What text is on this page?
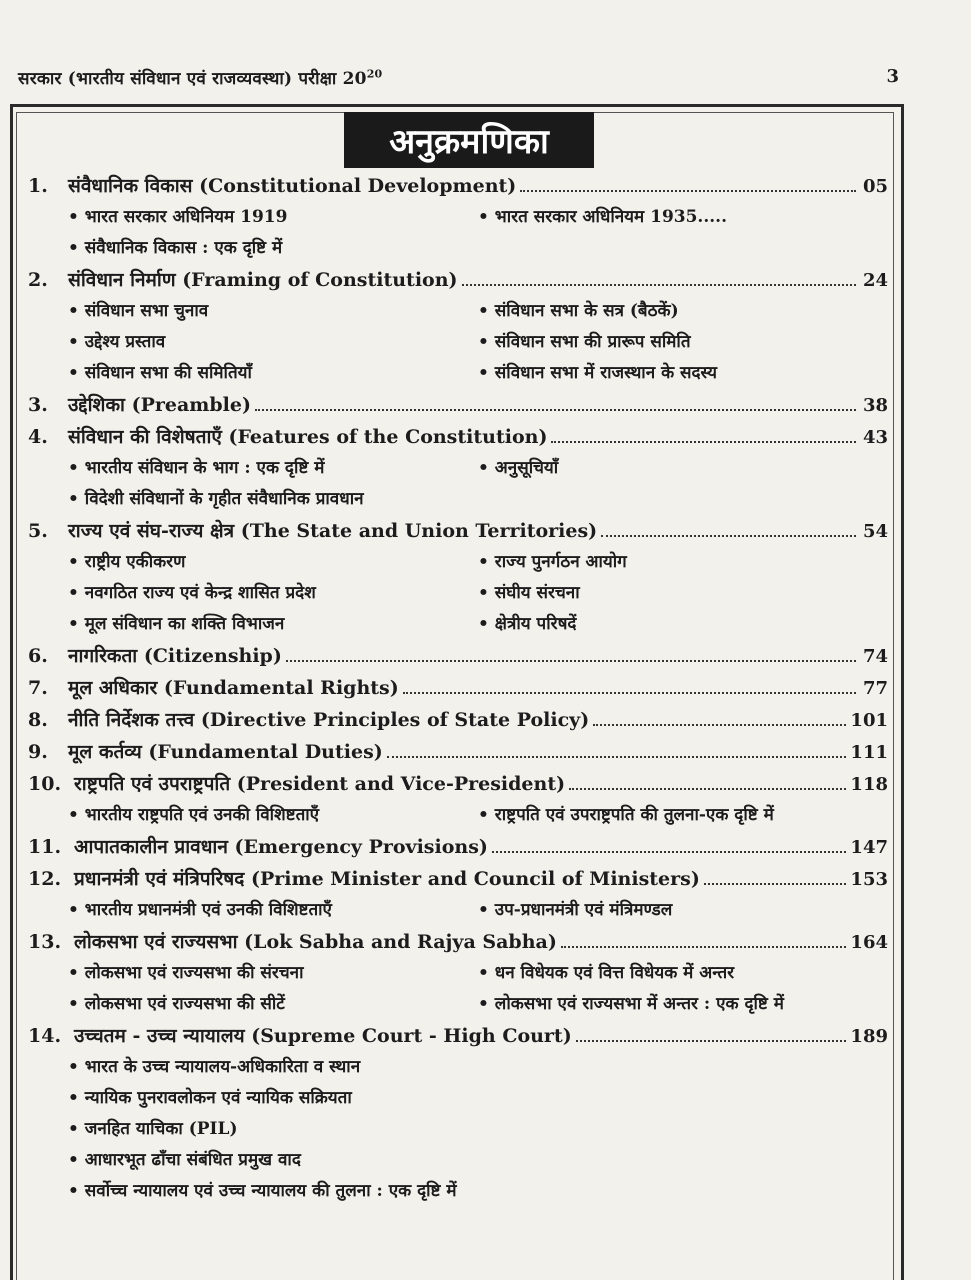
सरकार (भारतीय संविधान एवं राजव्यवस्था) परीक्षा $20^{20}$	3
अनुक्रमणिका
1.	संवैधानिक विकास (Constitutional Development)	05
• भारत सरकार अधिनियम 1919	• भारत सरकार अधिनियम 1935.....
• संवैधानिक विकास : एक दृष्टि में
2.	संविधान निर्माण (Framing of Constitution)	24
• संविधान सभा चुनाव	• संविधान सभा के सत्र (बैठकें)
• उद्देश्य प्रस्ताव	• संविधान सभा की प्रारूप समिति
• संविधान सभा की समितियाँ	• संविधान सभा में राजस्थान के सदस्य
3.	उद्देशिका (Preamble)	38
4.	संविधान की विशेषताएँ (Features of the Constitution)	43
• भारतीय संविधान के भाग : एक दृष्टि में	• अनुसूचियाँ
• विदेशी संविधानों के गृहीत संवैधानिक प्रावधान
5.	राज्य एवं संघ-राज्य क्षेत्र (The State and Union Territories)	54
• राष्ट्रीय एकीकरण	• राज्य पुनर्गठन आयोग
• नवगठित राज्य एवं केन्द्र शासित प्रदेश	• संघीय संरचना
• मूल संविधान का शक्ति विभाजन	• क्षेत्रीय परिषदें
6.	नागरिकता (Citizenship)	74
7.	मूल अधिकार (Fundamental Rights)	77
8.	नीति निर्देशक तत्त्व (Directive Principles of State Policy)	101
9.	मूल कर्तव्य (Fundamental Duties)	111
10. राष्ट्रपति एवं उपराष्ट्रपति (President and Vice-President)	118
• भारतीय राष्ट्रपति एवं उनकी विशिष्टताएँ	• राष्ट्रपति एवं उपराष्ट्रपति की तुलना-एक दृष्टि में
11. आपातकालीन प्रावधान (Emergency Provisions)	147
12. प्रधानमंत्री एवं मंत्रिपरिषद (Prime Minister and Council of Ministers)	153
• भारतीय प्रधानमंत्री एवं उनकी विशिष्टताएँ	• उप-प्रधानमंत्री एवं मंत्रिमण्डल
13. लोकसभा एवं राज्यसभा (Lok Sabha and Rajya Sabha)	164
• लोकसभा एवं राज्यसभा की संरचना	• धन विधेयक एवं वित्त विधेयक में अन्तर
• लोकसभा एवं राज्यसभा की सीटें	• लोकसभा एवं राज्यसभा में अन्तर : एक दृष्टि में
14. उच्चतम - उच्च न्यायालय (Supreme Court - High Court)	189
• भारत के उच्च न्यायालय-अधिकारिता व स्थान
• न्यायिक पुनरावलोकन एवं न्यायिक सक्रियता
• जनहित याचिका (PIL)
• आधारभूत ढाँचा संबंधित प्रमुख वाद
• सर्वोच्च न्यायालय एवं उच्च न्यायालय की तुलना : एक दृष्टि में
